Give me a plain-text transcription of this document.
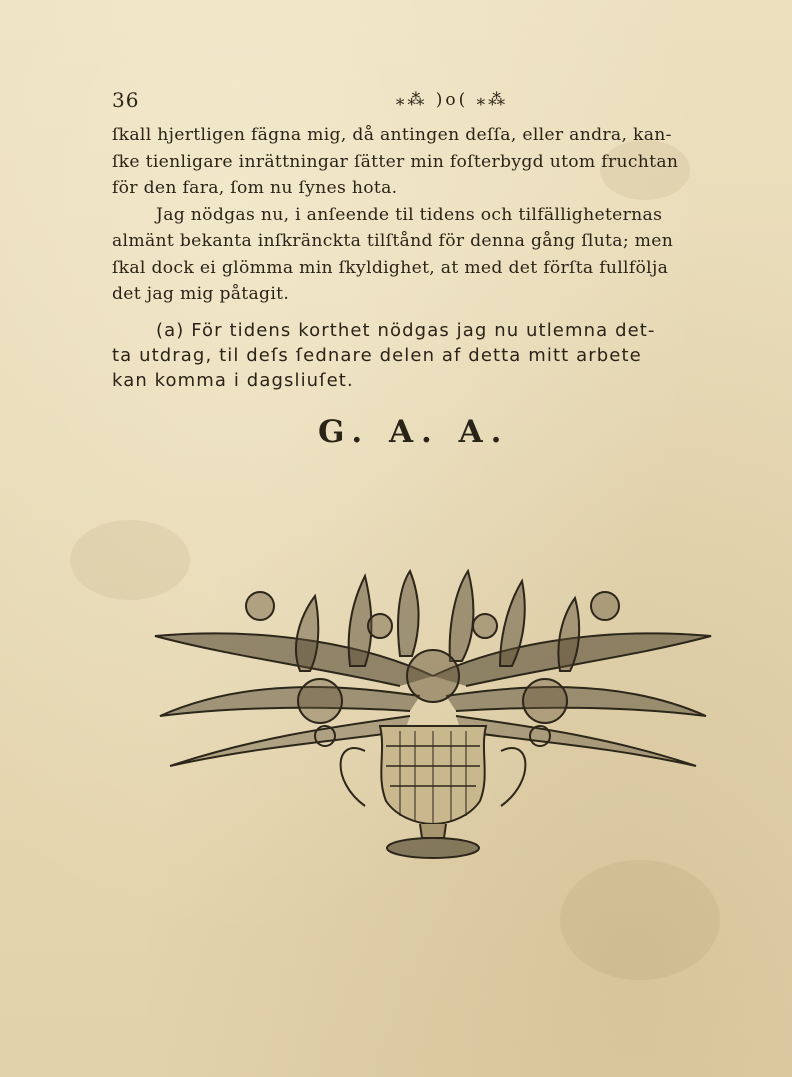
36	⁎⁂ )o( ⁎⁂
ſkall hjertligen fägna mig, då antingen deſſa, eller andra, kan-
ſke tienligare inrättningar ſätter min foſterbygd utom fruchtan
för den fara, ſom nu ſynes hota.
Jag nödgas nu, i anſeende til tidens och tilfälligheternas
almänt bekanta inſkränckta tilſtånd för denna gång ſluta; men
ſkal dock ei glömma min ſkyldighet, at med det förſta fullfölja
det jag mig påtagit.
(a) För tidens korthet nödgas jag nu utlemna det-
ta utdrag, til deſs ſednare delen af detta mitt arbete
kan komma i dagsliuſet.
G. A. A.
